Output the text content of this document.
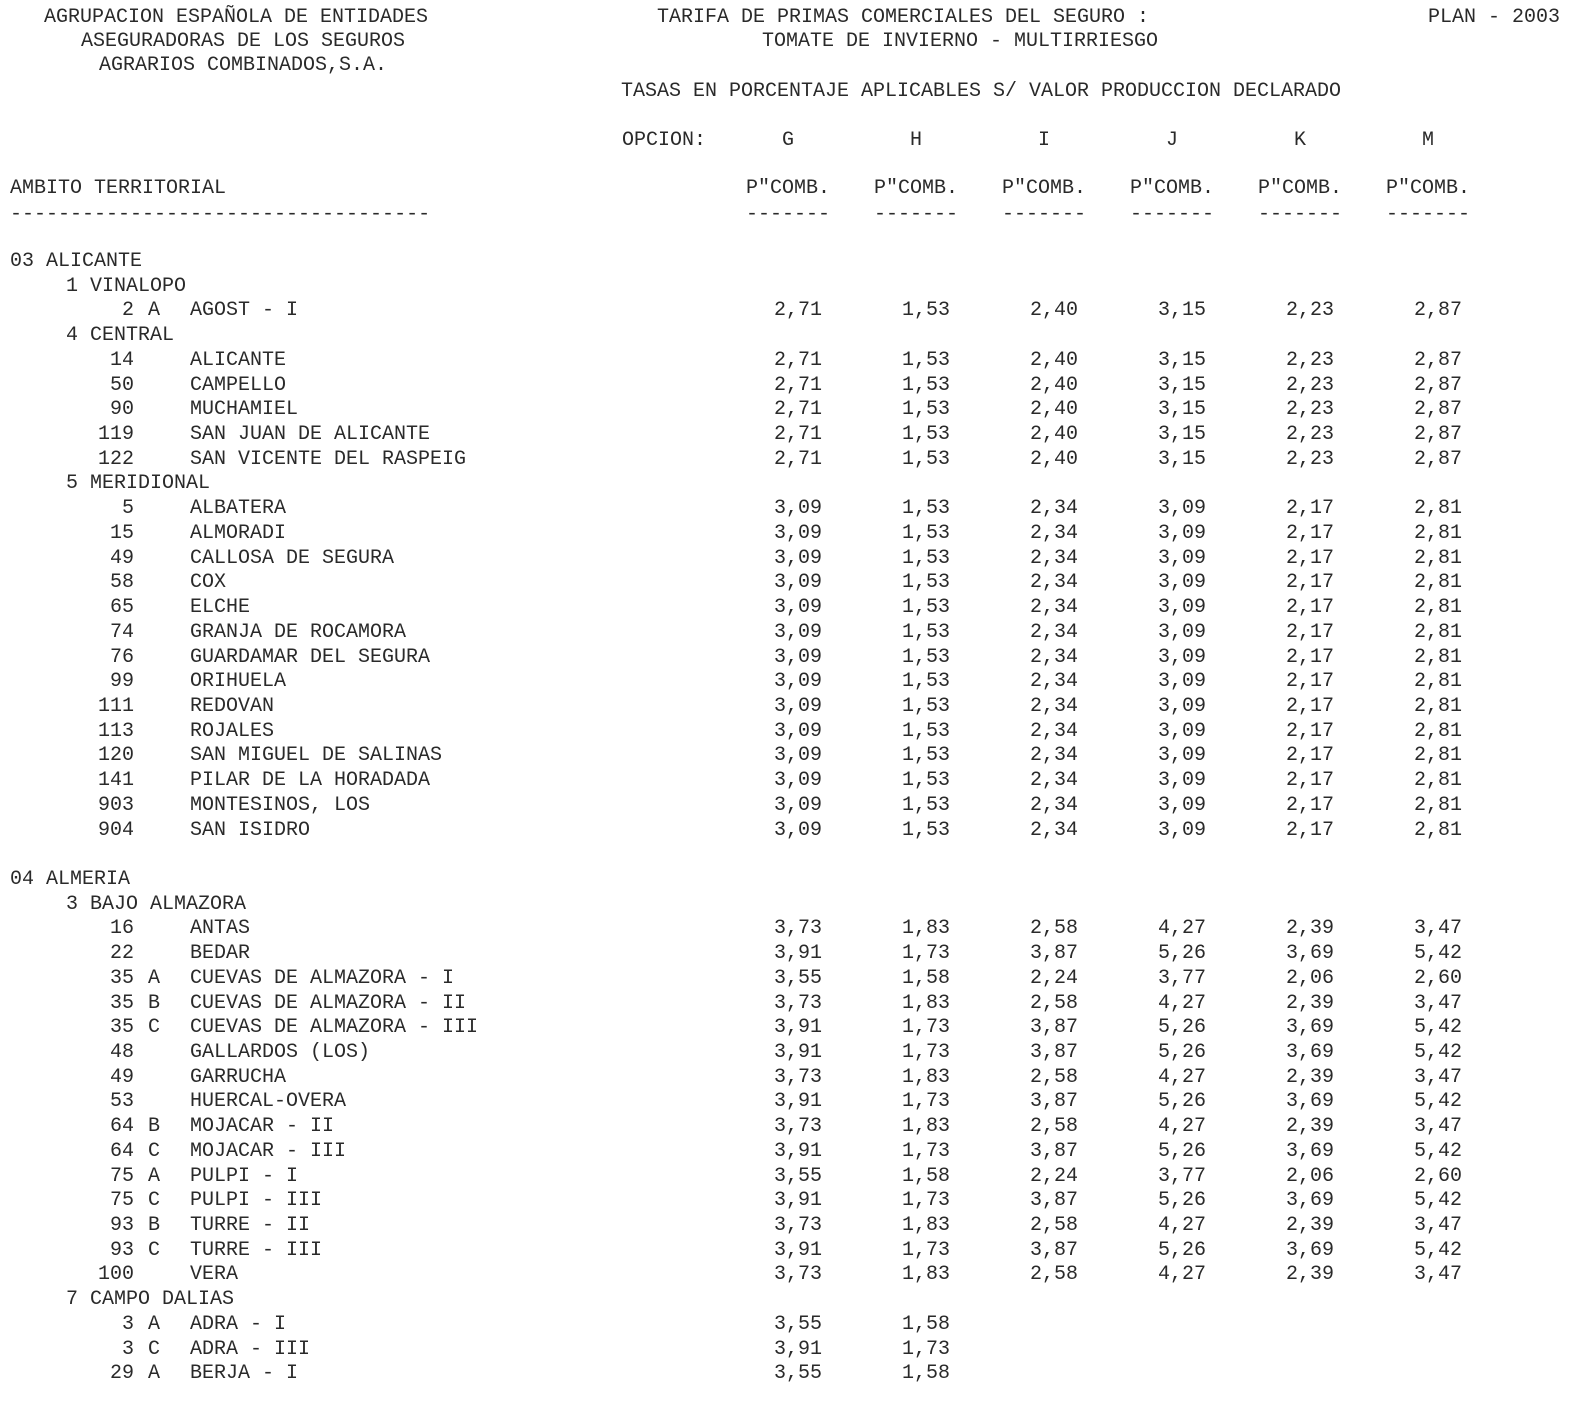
AGRUPACION ESPAÑOLA DE ENTIDADES
ASEGURADORAS DE LOS SEGUROS
AGRARIOS COMBINADOS,S.A.
TARIFA DE PRIMAS COMERCIALES DEL SEGURO :
TOMATE DE INVIERNO - MULTIRRIESGO
PLAN - 2003
TASAS EN PORCENTAJE APLICABLES S/ VALOR PRODUCCION DECLARADO
OPCION:	G	H	I	J	K	M
AMBITO TERRITORIAL	P"COMB. P"COMB. P"COMB. P"COMB. P"COMB. P"COMB.
-----------------------------------	------- ------- ------- ------- ------- -------
03 ALICANTE
1 VINALOPO
2 A AGOST - I	2,71	1,53	2,40	3,15	2,23	2,87
4 CENTRAL
14	ALICANTE	2,71	1,53	2,40	3,15	2,23	2,87
50	CAMPELLO	2,71	1,53	2,40	3,15	2,23	2,87
90	MUCHAMIEL	2,71	1,53	2,40	3,15	2,23	2,87
119	SAN JUAN DE ALICANTE	2,71	1,53	2,40	3,15	2,23	2,87
122	SAN VICENTE DEL RASPEIG	2,71	1,53	2,40	3,15	2,23	2,87
5 MERIDIONAL
5	ALBATERA	3,09	1,53	2,34	3,09	2,17	2,81
15	ALMORADI	3,09	1,53	2,34	3,09	2,17	2,81
49	CALLOSA DE SEGURA	3,09	1,53	2,34	3,09	2,17	2,81
58	COX	3,09	1,53	2,34	3,09	2,17	2,81
65	ELCHE	3,09	1,53	2,34	3,09	2,17	2,81
74	GRANJA DE ROCAMORA	3,09	1,53	2,34	3,09	2,17	2,81
76	GUARDAMAR DEL SEGURA	3,09	1,53	2,34	3,09	2,17	2,81
99	ORIHUELA	3,09	1,53	2,34	3,09	2,17	2,81
111	REDOVAN	3,09	1,53	2,34	3,09	2,17	2,81
113	ROJALES	3,09	1,53	2,34	3,09	2,17	2,81
120	SAN MIGUEL DE SALINAS	3,09	1,53	2,34	3,09	2,17	2,81
141	PILAR DE LA HORADADA	3,09	1,53	2,34	3,09	2,17	2,81
903	MONTESINOS, LOS	3,09	1,53	2,34	3,09	2,17	2,81
904	SAN ISIDRO	3,09	1,53	2,34	3,09	2,17	2,81
04 ALMERIA
3 BAJO ALMAZORA
16	ANTAS	3,73	1,83	2,58	4,27	2,39	3,47
22	BEDAR	3,91	1,73	3,87	5,26	3,69	5,42
35 A CUEVAS DE ALMAZORA - I	3,55	1,58	2,24	3,77	2,06	2,60
35 B CUEVAS DE ALMAZORA - II	3,73	1,83	2,58	4,27	2,39	3,47
35 C CUEVAS DE ALMAZORA - III	3,91	1,73	3,87	5,26	3,69	5,42
48	GALLARDOS (LOS)	3,91	1,73	3,87	5,26	3,69	5,42
49	GARRUCHA	3,73	1,83	2,58	4,27	2,39	3,47
53	HUERCAL-OVERA	3,91	1,73	3,87	5,26	3,69	5,42
64 B MOJACAR - II	3,73	1,83	2,58	4,27	2,39	3,47
64 C MOJACAR - III	3,91	1,73	3,87	5,26	3,69	5,42
75 A PULPI - I	3,55	1,58	2,24	3,77	2,06	2,60
75 C PULPI - III	3,91	1,73	3,87	5,26	3,69	5,42
93 B TURRE - II	3,73	1,83	2,58	4,27	2,39	3,47
93 C TURRE - III	3,91	1,73	3,87	5,26	3,69	5,42
100	VERA	3,73	1,83	2,58	4,27	2,39	3,47
7 CAMPO DALIAS
3 A ADRA - I	3,55	1,58
3 C ADRA - III	3,91	1,73
29 A BERJA - I	3,55	1,58
